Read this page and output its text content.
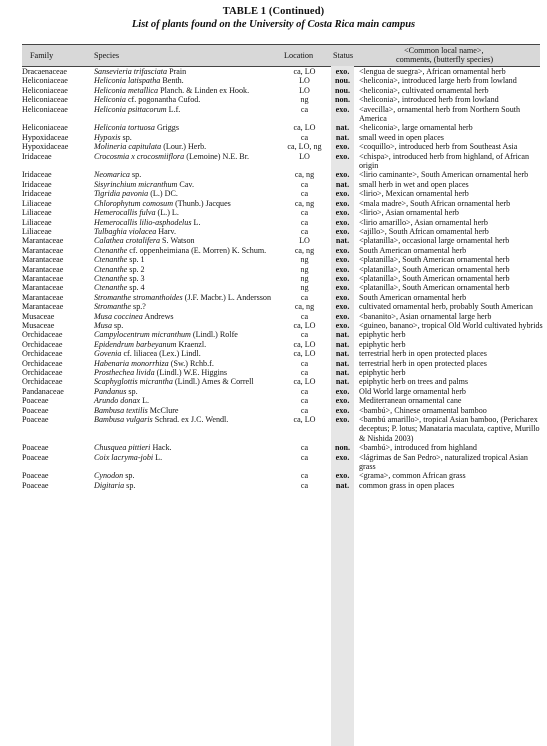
TABLE 1 (Continued)
List of plants found on the University of Costa Rica main campus
Family	Species	Location Status
<Common local name>,
comments, (butterfly species)
Dracaenaceae	Sansevieria trifasciata Prain	ca, LO	exo.	<lengua de suegra>, African ornamental herb
Heliconiaceae	Heliconia latispatha Benth.	LO	nou.	<heliconia>, introduced large herb from lowland
Heliconiaceae	Heliconia metallica Planch. & Linden ex Hook.	LO	nou.	<heliconia>, cultivated ornamental herb
Heliconiaceae	Heliconia cf. pogonantha Cufod.	ng	non.	<heliconia>, introduced herb from lowland
Heliconiaceae	Heliconia psittacorum L.f.	ca	exo.	<avecilla>, ornamental herb from Northern South America
Heliconiaceae	Heliconia tortuosa Griggs	ca, LO	nat.	<heliconia>, large ornamental herb
Hypoxidaceae	Hypoxis sp.	ca	nat.	small weed in open places
Hypoxidaceae	Molineria capitulata (Lour.) Herb.	ca, LO, ng	exo.	<coquillo>, introduced herb from Southeast Asia
Iridaceae	Crocosmia x crocosmiiflora (Lemoine) N.E. Br.	LO	exo.	<chispa>, introduced herb from highland, of African origin
Iridaceae	Neomarica sp.	ca, ng	exo.	<lirio caminante>, South American ornamental herb
Iridaceae	Sisyrinchium micranthum Cav.	ca	nat.	small herb in wet and open places
Iridaceae	Tigridia pavonia (L.) DC.	ca	exo.	<lirio>, Mexican ornamental herb
Liliaceae	Chlorophytum comosum (Thunb.) Jacques	ca, ng	exo.	<mala madre>, South African ornamental herb
Liliaceae	Hemerocallis fulva (L.) L.	ca	exo.	<lirio>, Asian ornamental herb
Liliaceae	Hemerocallis lilio-asphodelus L.	ca	exo.	<lirio amarillo>, Asian ornamental herb
Liliaceae	Tulbaghia violacea Harv.	ca	exo.	<ajillo>, South African ornamental herb
Marantaceae	Calathea crotalifera S. Watson	LO	nat.	<platanilla>, occasional large ornamental herb
Marantaceae	Ctenanthe cf. oppenheimiana (E. Morren) K. Schum.	ca, ng	exo.	South American ornamental herb
Marantaceae	Ctenanthe sp. 1	ng	exo.	<platanilla>, South American ornamental herb
Marantaceae	Ctenanthe sp. 2	ng	exo.	<platanilla>, South American ornamental herb
Marantaceae	Ctenanthe sp. 3	ng	exo.	<platanilla>, South American ornamental herb
Marantaceae	Ctenanthe sp. 4	ng	exo.	<platanilla>, South American ornamental herb
Marantaceae	Stromanthe stromanthoides (J.F. Macbr.) L. Andersson	ca	exo.	South American ornamental herb
Marantaceae	Stromanthe sp.?	ca, ng	exo.	cultivated ornamental herb, probably South American
Musaceae	Musa coccinea Andrews	ca	exo.	<bananito>, Asian ornamental large herb
Musaceae	Musa sp.	ca, LO	exo.	<guineo, banano>, tropical Old World cultivated hybrids
Orchidaceae	Campylocentrum micranthum (Lindl.) Rolfe	ca	nat.	epiphytic herb
Orchidaceae	Epidendrum barbeyanum Kraenzl.	ca, LO	nat.	epiphytic herb
Orchidaceae	Govenia cf. liliacea (Lex.) Lindl.	ca, LO	nat.	terrestrial herb in open protected places
Orchidaceae	Habenaria monorrhiza (Sw.) Rchb.f.	ca	nat.	terrestrial herb in open protected places
Orchidaceae	Prosthechea livida (Lindl.) W.E. Higgins	ca	nat.	epiphytic herb
Orchidaceae	Scaphyglottis micrantha (Lindl.) Ames & Correll	ca, LO	nat.	epiphytic herb on trees and palms
Pandanaceae	Pandanus sp.	ca	exo.	Old World large ornamental herb
Poaceae	Arundo donax L.	ca	exo.	Mediterranean ornamental cane
Poaceae	Bambusa textilis McClure	ca	exo.	<bambú>, Chinese ornamental bamboo
Poaceae	Bambusa vulgaris Schrad. ex J.C. Wendl.	ca, LO	exo.	<bambú amarillo>, tropical Asian bamboo, (Pericharex deceptus; P. lotus; Manataria maculata, captive, Murillo & Nishida 2003)
Poaceae	Chusquea pittieri Hack.	ca	non.	<bambú>, introduced from highland
Poaceae	Coix lacryma-jobi L.	ca	exo.	<lágrimas de San Pedro>, naturalized tropical Asian grass
Poaceae	Cynodon sp.	ca	exo.	<grama>, common African grass
Poaceae	Digitaria sp.	ca	nat.	common grass in open places
